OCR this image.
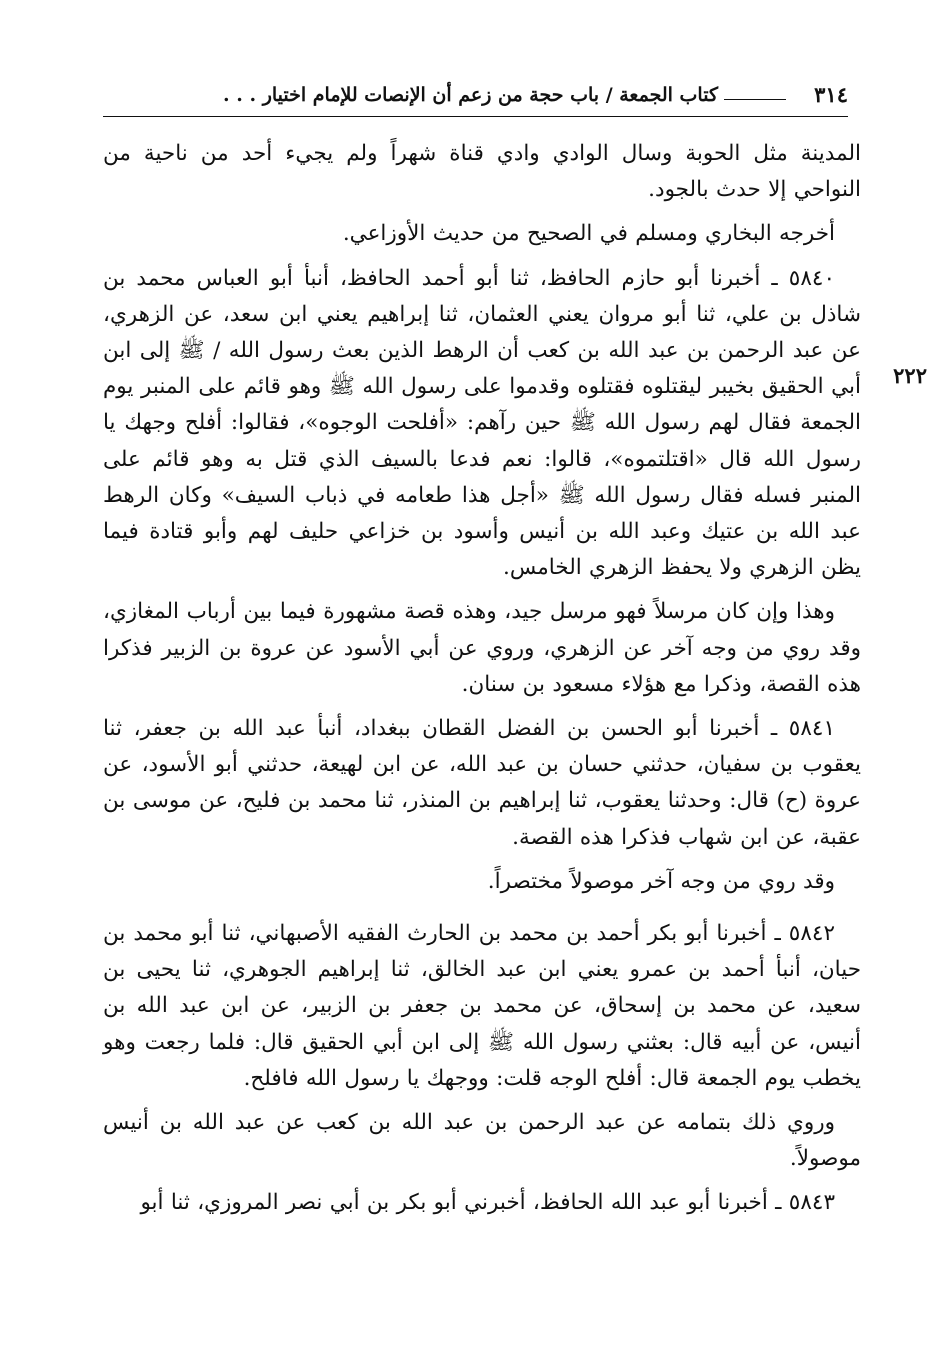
٣١٤
كتاب الجمعة / باب حجة من زعم أن الإنصات للإمام اختيار . . .
٢٢٢

المدينة مثل الحوبة وسال الوادي وادي قناة شهراً ولم يجيء أحد من ناحية من النواحي إلا حدث بالجود.

أخرجه البخاري ومسلم في الصحيح من حديث الأوزاعي.

٥٨٤٠ ـ أخبرنا أبو حازم الحافظ، ثنا أبو أحمد الحافظ، أنبأ أبو العباس محمد بن شاذل بن علي، ثنا أبو مروان يعني العثمان، ثنا إبراهيم يعني ابن سعد، عن الزهري، عن عبد الرحمن بن عبد الله بن كعب أن الرهط الذين بعث رسول الله / ﷺ إلى ابن أبي الحقيق بخيبر ليقتلوه فقتلوه وقدموا على رسول الله ﷺ وهو قائم على المنبر يوم الجمعة فقال لهم رسول الله ﷺ حين رآهم: «أفلحت الوجوه»، فقالوا: أفلح وجهك يا رسول الله قال «اقتلتموه»، قالوا: نعم فدعا بالسيف الذي قتل به وهو قائم على المنبر فسله فقال رسول الله ﷺ «أجل هذا طعامه في ذباب السيف» وكان الرهط عبد الله بن عتيك وعبد الله بن أنيس وأسود بن خزاعي حليف لهم وأبو قتادة فيما يظن الزهري ولا يحفظ الزهري الخامس.

وهذا وإن كان مرسلاً فهو مرسل جيد، وهذه قصة مشهورة فيما بين أرباب المغازي، وقد روي من وجه آخر عن الزهري، وروي عن أبي الأسود عن عروة بن الزبير فذكرا هذه القصة، وذكرا مع هؤلاء مسعود بن سنان.

٥٨٤١ ـ أخبرنا أبو الحسن بن الفضل القطان ببغداد، أنبأ عبد الله بن جعفر، ثنا يعقوب بن سفيان، حدثني حسان بن عبد الله، عن ابن لهيعة، حدثني أبو الأسود، عن عروة (ح) قال: وحدثنا يعقوب، ثنا إبراهيم بن المنذر، ثنا محمد بن فليح، عن موسى بن عقبة، عن ابن شهاب فذكرا هذه القصة.

وقد روي من وجه آخر موصولاً مختصراً.

٥٨٤٢ ـ أخبرنا أبو بكر أحمد بن محمد بن الحارث الفقيه الأصبهاني، ثنا أبو محمد بن حيان، أنبأ أحمد بن عمرو يعني ابن عبد الخالق، ثنا إبراهيم الجوهري، ثنا يحيى بن سعيد، عن محمد بن إسحاق، عن محمد بن جعفر بن الزبير، عن ابن عبد الله بن أنيس، عن أبيه قال: بعثني رسول الله ﷺ إلى ابن أبي الحقيق قال: فلما رجعت وهو يخطب يوم الجمعة قال: أفلح الوجه قلت: ووجهك يا رسول الله فافلح.

وروي ذلك بتمامه عن عبد الرحمن بن عبد الله بن كعب عن عبد الله بن أنيس موصولاً.

٥٨٤٣ ـ أخبرنا أبو عبد الله الحافظ، أخبرني أبو بكر بن أبي نصر المروزي، ثنا أبو
